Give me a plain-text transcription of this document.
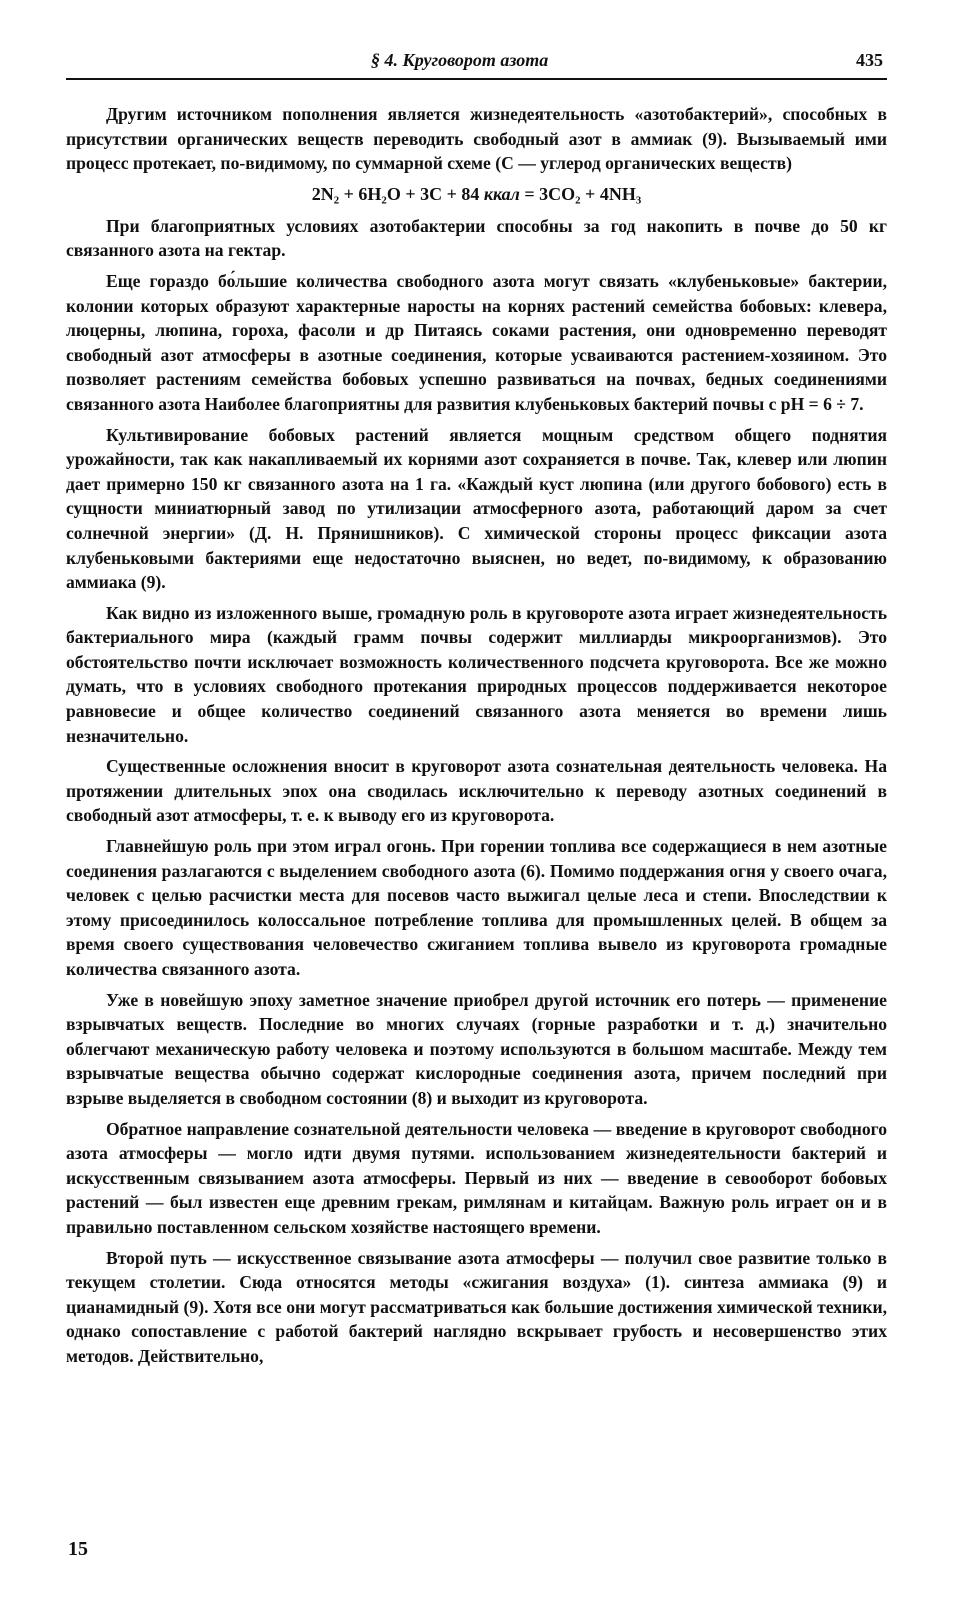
§ 4. Круговорот азота	435

Другим источником пополнения является жизнедеятельность «азотобактерий», способных в присутствии органических веществ переводить свободный азот в аммиак (9). Вызываемый ими процесс протекает, по-видимому, по суммарной схеме (С — углерод органических веществ)

2N₂ + 6H₂O + 3C + 84 ккал = 3CO₂ + 4NH₃

При благоприятных условиях азотобактерии способны за год накопить в почве до 50 кг связанного азота на гектар.

Еще гораздо бо́льшие количества свободного азота могут связать «клубеньковые» бактерии, колонии которых образуют характерные наросты на корнях растений семейства бобовых: клевера, люцерны, люпина, гороха, фасоли и др Питаясь соками растения, они одновременно переводят свободный азот атмосферы в азотные соединения, которые усваиваются растением-хозяином. Это позволяет растениям семейства бобовых успешно развиваться на почвах, бедных соединениями связанного азота Наиболее благоприятны для развития клубеньковых бактерий почвы с pH = 6 ÷ 7.

Культивирование бобовых растений является мощным средством общего поднятия урожайности, так как накапливаемый их корнями азот сохраняется в почве. Так, клевер или люпин дает примерно 150 кг связанного азота на 1 га. «Каждый куст люпина (или другого бобового) есть в сущности миниатюрный завод по утилизации атмосферного азота, работающий даром за счет солнечной энергии» (Д. Н. Прянишников). С химической стороны процесс фиксации азота клубеньковыми бактериями еще недостаточно выяснен, но ведет, по-видимому, к образованию аммиака (9).

Как видно из изложенного выше, громадную роль в круговороте азота играет жизнедеятельность бактериального мира (каждый грамм почвы содержит миллиарды микроорганизмов). Это обстоятельство почти исключает возможность количественного подсчета круговорота. Все же можно думать, что в условиях свободного протекания природных процессов поддерживается некоторое равновесие и общее количество соединений связанного азота меняется во времени лишь незначительно.

Существенные осложнения вносит в круговорот азота сознательная деятельность человека. На протяжении длительных эпох она сводилась исключительно к переводу азотных соединений в свободный азот атмосферы, т. е. к выводу его из круговорота.

Главнейшую роль при этом играл огонь. При горении топлива все содержащиеся в нем азотные соединения разлагаются с выделением свободного азота (6). Помимо поддержания огня у своего очага, человек с целью расчистки места для посевов часто выжигал целые леса и степи. Впоследствии к этому присоединилось колоссальное потребление топлива для промышленных целей. В общем за время своего существования человечество сжиганием топлива вывело из круговорота громадные количества связанного азота.

Уже в новейшую эпоху заметное значение приобрел другой источник его потерь — применение взрывчатых веществ. Последние во многих случаях (горные разработки и т. д.) значительно облегчают механическую работу человека и поэтому используются в большом масштабе. Между тем взрывчатые вещества обычно содержат кислородные соединения азота, причем последний при взрыве выделяется в свободном состоянии (8) и выходит из круговорота.

Обратное направление сознательной деятельности человека — введение в круговорот свободного азота атмосферы — могло идти двумя путями. использованием жизнедеятельности бактерий и искусственным связыванием азота атмосферы. Первый из них — введение в севооборот бобовых растений — был известен еще древним грекам, римлянам и китайцам. Важную роль играет он и в правильно поставленном сельском хозяйстве настоящего времени.

Второй путь — искусственное связывание азота атмосферы — получил свое развитие только в текущем столетии. Сюда относятся методы «сжигания воздуха» (1). синтеза аммиака (9) и цианамидный (9). Хотя все они могут рассматриваться как большие достижения химической техники, однако сопоставление с работой бактерий наглядно вскрывает грубость и несовершенство этих методов. Действительно,

15
